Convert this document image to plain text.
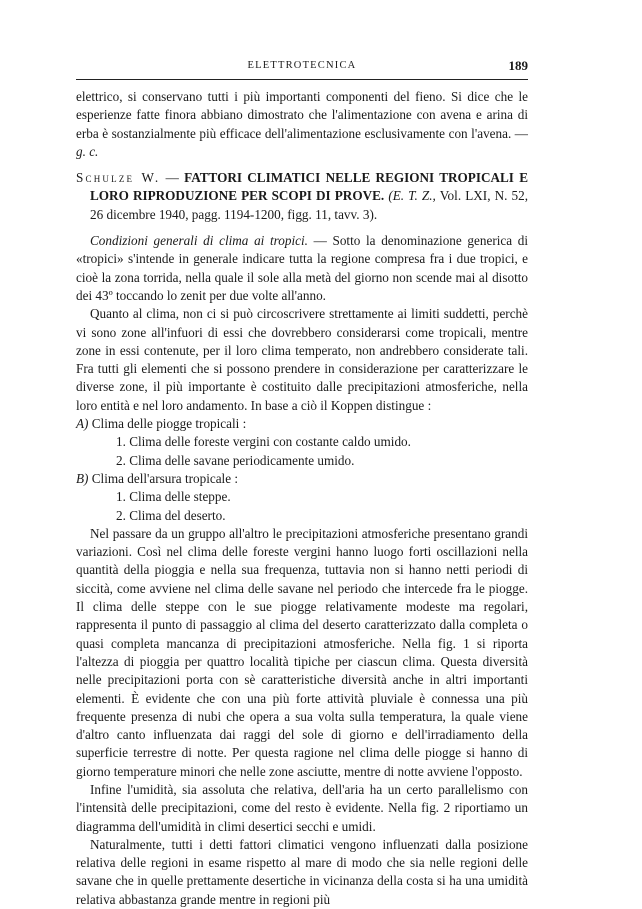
ELETTROTECNICA	189

elettrico, si conservano tutti i più importanti componenti del fieno. Si dice che le esperienze fatte finora abbiano dimostrato che l'alimentazione con avena e arina di erba è sostanzialmente più efficace dell'alimentazione esclusivamente con l'avena. — g. c.

Schulze W. — FATTORI CLIMATICI NELLE REGIONI TROPICALI E LORO RIPRODUZIONE PER SCOPI DI PROVE. (E. T. Z., Vol. LXI, N. 52, 26 dicembre 1940, pagg. 1194-1200, figg. 11, tavv. 3).

Condizioni generali di clima ai tropici. — Sotto la denominazione generica di «tropici» s'intende in generale indicare tutta la regione compresa fra i due tropici, e cioè la zona torrida, nella quale il sole alla metà del giorno non scende mai al disotto dei 43º toccando lo zenit per due volte all'anno.

Quanto al clima, non ci si può circoscrivere strettamente ai limiti suddetti, perchè vi sono zone all'infuori di essi che dovrebbero considerarsi come tropicali, mentre zone in essi contenute, per il loro clima temperato, non andrebbero considerate tali. Fra tutti gli elementi che si possono prendere in considerazione per caratterizzare le diverse zone, il più importante è costituito dalle precipitazioni atmosferiche, nella loro entità e nel loro andamento. In base a ciò il Koppen distingue :

A) Clima delle piogge tropicali :

1. Clima delle foreste vergini con costante caldo umido.

2. Clima delle savane periodicamente umido.

B) Clima dell'arsura tropicale :

1. Clima delle steppe.

2. Clima del deserto.

Nel passare da un gruppo all'altro le precipitazioni atmosferiche presentano grandi variazioni. Così nel clima delle foreste vergini hanno luogo forti oscillazioni nella quantità della pioggia e nella sua frequenza, tuttavia non si hanno netti periodi di siccità, come avviene nel clima delle savane nel periodo che intercede fra le piogge. Il clima delle steppe con le sue piogge relativamente modeste ma regolari, rappresenta il punto di passaggio al clima del deserto caratterizzato dalla completa o quasi completa mancanza di precipitazioni atmosferiche. Nella fig. 1 si riporta l'altezza di pioggia per quattro località tipiche per ciascun clima. Questa diversità nelle precipitazioni porta con sè caratteristiche diversità anche in altri importanti elementi. È evidente che con una più forte attività pluviale è connessa una più frequente presenza di nubi che opera a sua volta sulla temperatura, la quale viene d'altro canto influenzata dai raggi del sole di giorno e dell'irradiamento della superficie terrestre di notte. Per questa ragione nel clima delle piogge si hanno di giorno temperature minori che nelle zone asciutte, mentre di notte avviene l'opposto.

Infine l'umidità, sia assoluta che relativa, dell'aria ha un certo parallelismo con l'intensità delle precipitazioni, come del resto è evidente. Nella fig. 2 riportiamo un diagramma dell'umidità in climi desertici secchi e umidi.

Naturalmente, tutti i detti fattori climatici vengono influenzati dalla posizione relativa delle regioni in esame rispetto al mare di modo che sia nelle regioni delle savane che in quelle prettamente desertiche in vicinanza della costa si ha una umidità relativa abbastanza grande mentre in regioni più
